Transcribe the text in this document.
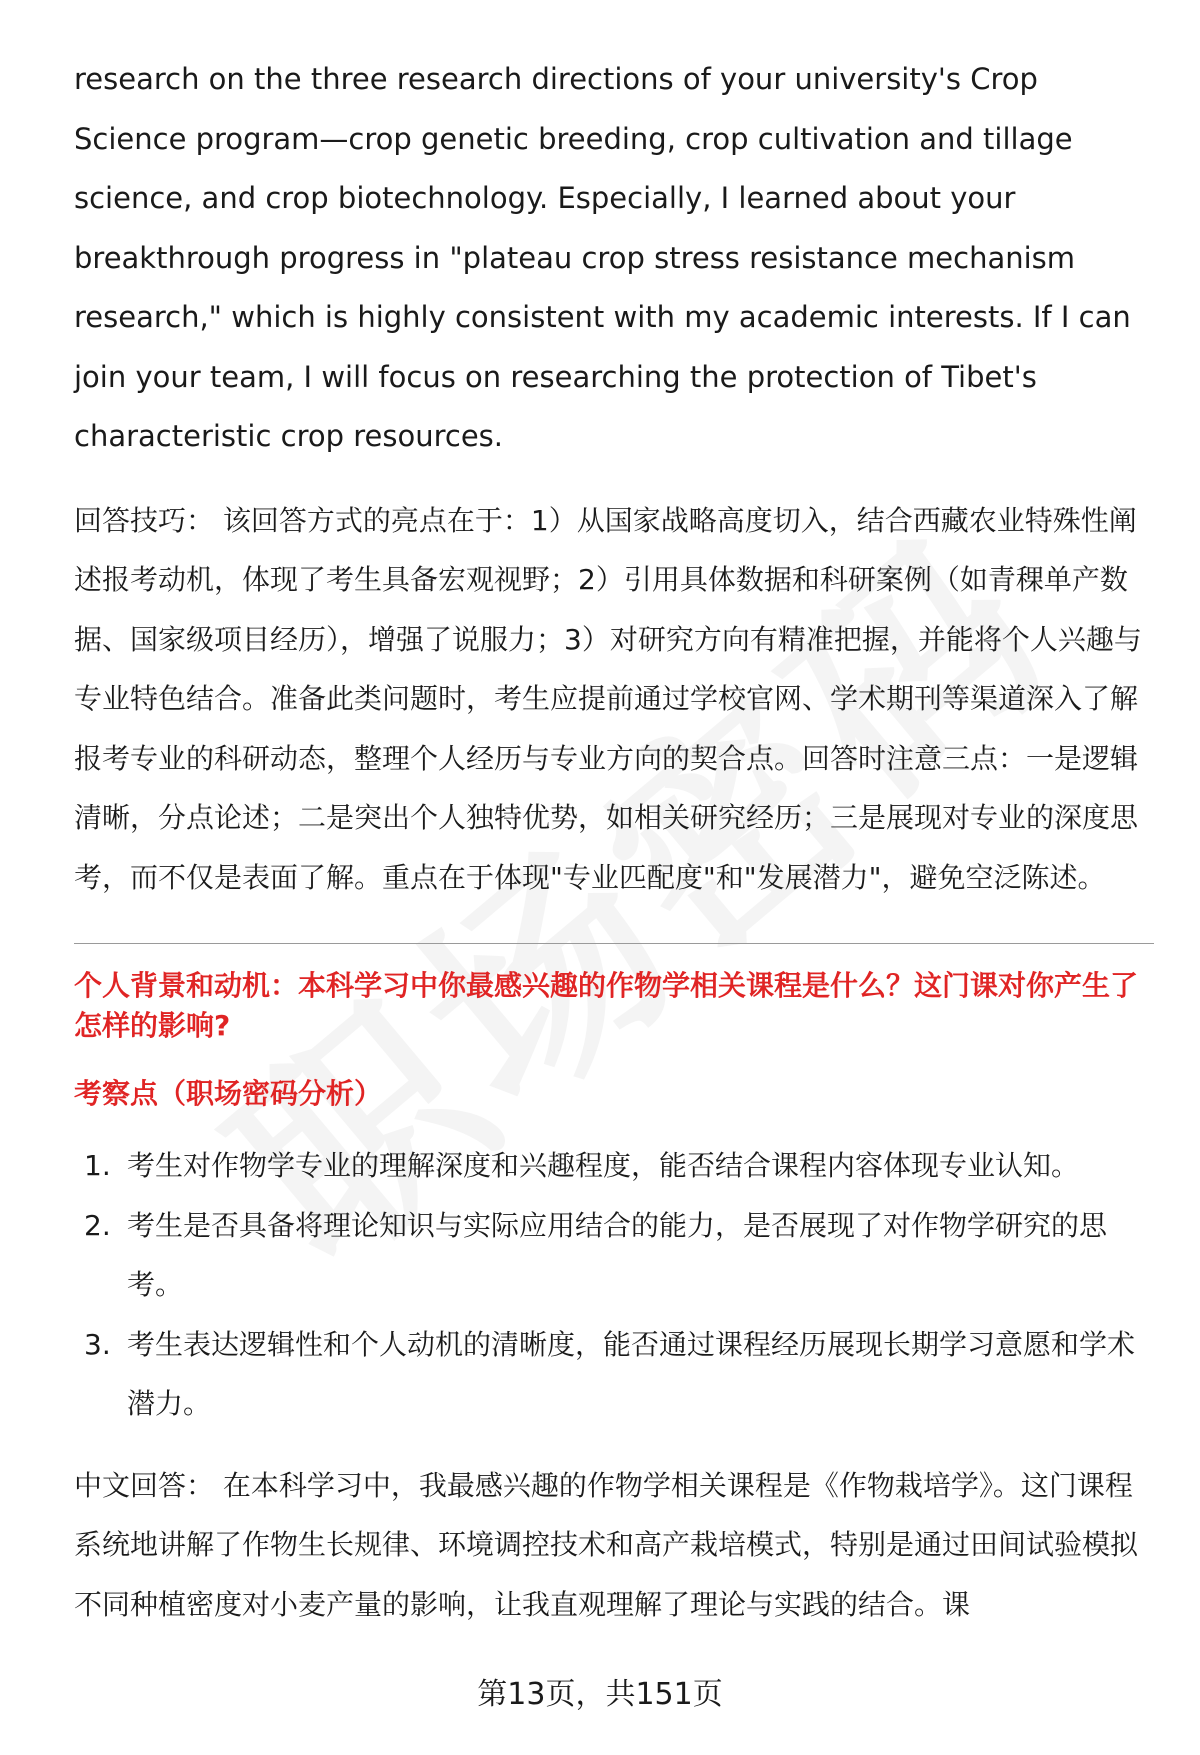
research on the three research directions of your university's Crop Science program—crop genetic breeding, crop cultivation and tillage science, and crop biotechnology. Especially, I learned about your breakthrough progress in "plateau crop stress resistance mechanism research," which is highly consistent with my academic interests. If I can join your team, I will focus on researching the protection of Tibet's characteristic crop resources.

回答技巧： 该回答方式的亮点在于：1）从国家战略高度切入，结合西藏农业特殊性阐述报考动机，体现了考生具备宏观视野；2）引用具体数据和科研案例（如青稞单产数据、国家级项目经历），增强了说服力；3）对研究方向有精准把握，并能将个人兴趣与专业特色结合。准备此类问题时，考生应提前通过学校官网、学术期刊等渠道深入了解报考专业的科研动态，整理个人经历与专业方向的契合点。回答时注意三点：一是逻辑清晰，分点论述；二是突出个人独特优势，如相关研究经历；三是展现对专业的深度思考，而不仅是表面了解。重点在于体现"专业匹配度"和"发展潜力"，避免空泛陈述。

个人背景和动机：本科学习中你最感兴趣的作物学相关课程是什么？这门课对你产生了怎样的影响?
考察点（职场密码分析）
1. 考生对作物学专业的理解深度和兴趣程度，能否结合课程内容体现专业认知。
2. 考生是否具备将理论知识与实际应用结合的能力，是否展现了对作物学研究的思考。
3. 考生表达逻辑性和个人动机的清晰度，能否通过课程经历展现长期学习意愿和学术潜力。

中文回答： 在本科学习中，我最感兴趣的作物学相关课程是《作物栽培学》。这门课程系统地讲解了作物生长规律、环境调控技术和高产栽培模式，特别是通过田间试验模拟不同种植密度对小麦产量的影响，让我直观理解了理论与实践的结合。课

第13页，共151页
